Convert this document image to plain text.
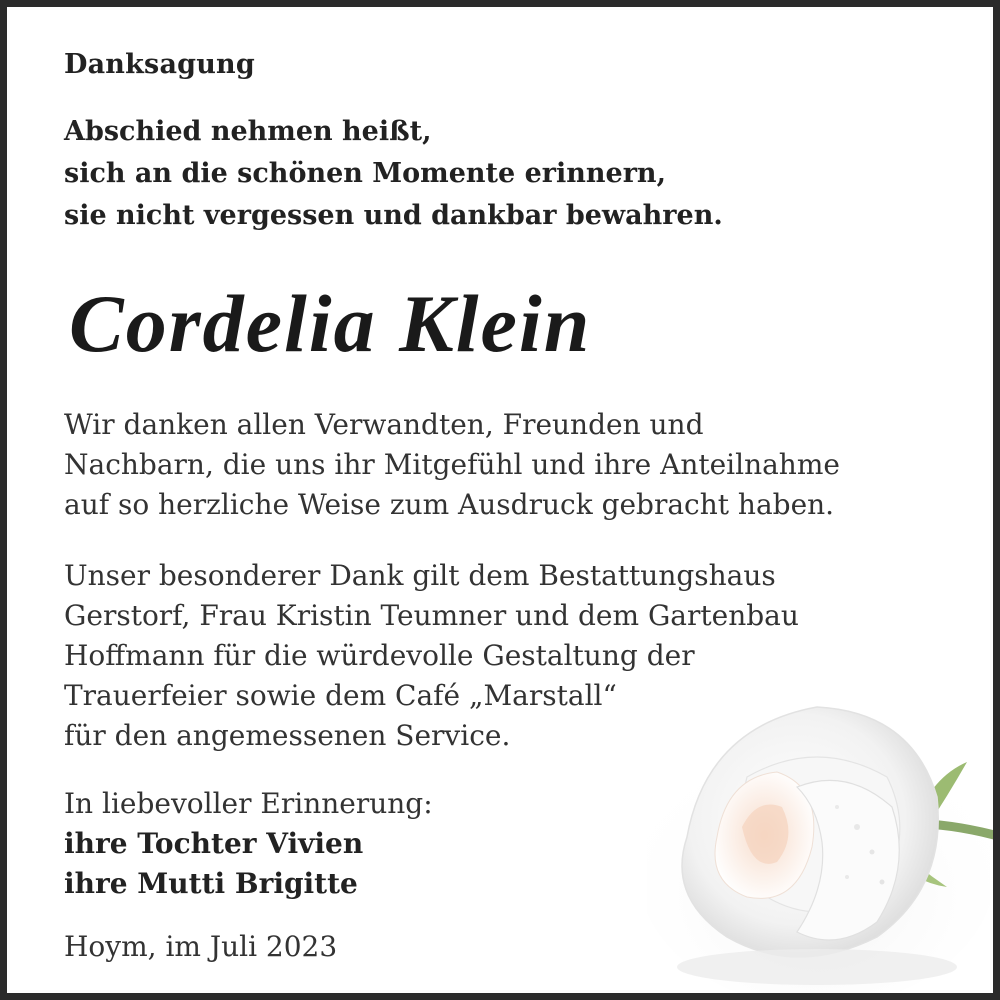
Danksagung
Abschied nehmen heißt,
sich an die schönen Momente erinnern,
sie nicht vergessen und dankbar bewahren.
Cordelia Klein
Wir danken allen Verwandten, Freunden und
Nachbarn, die uns ihr Mitgefühl und ihre Anteilnahme
auf so herzliche Weise zum Ausdruck gebracht haben.
Unser besonderer Dank gilt dem Bestattungshaus
Gerstorf, Frau Kristin Teumner und dem Gartenbau
Hoffmann für die würdevolle Gestaltung der
Trauerfeier sowie dem Café „Marstall“
für den angemessenen Service.
In liebevoller Erinnerung:
ihre Tochter Vivien
ihre Mutti Brigitte
Hoym, im Juli 2023
